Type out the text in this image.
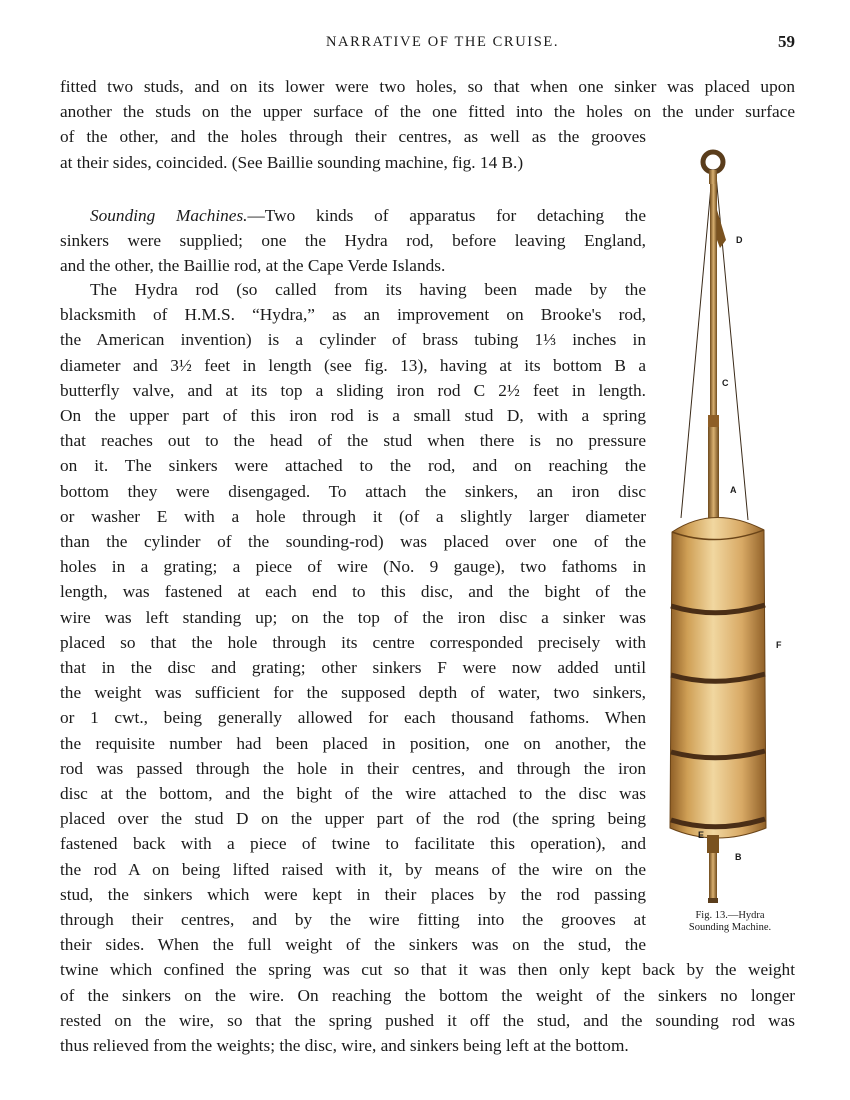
NARRATIVE OF THE CRUISE.	59
fitted two studs, and on its lower were two holes, so that when one sinker was placed upon
another the studs on the upper surface of the one fitted into the holes on the under surface
of the other, and the holes through their centres, as well as the grooves
at their sides, coincided. (See Baillie sounding machine, fig. 14 B.)
Sounding Machines.—Two kinds of apparatus for detaching the
sinkers were supplied; one the Hydra rod, before leaving England,
and the other, the Baillie rod, at the Cape Verde Islands.
The Hydra rod (so called from its having been made by the
blacksmith of H.M.S. “Hydra,” as an improvement on Brooke's rod,
the American invention) is a cylinder of brass tubing 1⅓ inches in
diameter and 3½ feet in length (see fig. 13), having at its bottom B a
butterfly valve, and at its top a sliding iron rod C 2½ feet in length.
On the upper part of this iron rod is a small stud D, with a spring
that reaches out to the head of the stud when there is no pressure
on it. The sinkers were attached to the rod, and on reaching the
bottom they were disengaged. To attach the sinkers, an iron disc
or washer E with a hole through it (of a slightly larger diameter
than the cylinder of the sounding-rod) was placed over one of the
holes in a grating; a piece of wire (No. 9 gauge), two fathoms in
length, was fastened at each end to this disc, and the bight of the
wire was left standing up; on the top of the iron disc a sinker was
placed so that the hole through its centre corresponded precisely with
that in the disc and grating; other sinkers F were now added until
the weight was sufficient for the supposed depth of water, two sinkers,
or 1 cwt., being generally allowed for each thousand fathoms. When
the requisite number had been placed in position, one on another, the
rod was passed through the hole in their centres, and through the iron
disc at the bottom, and the bight of the wire attached to the disc was
placed over the stud D on the upper part of the rod (the spring being
fastened back with a piece of twine to facilitate this operation), and
the rod A on being lifted raised with it, by means of the wire on the
stud, the sinkers which were kept in their places by the rod passing
through their centres, and by the wire fitting into the grooves at
their sides. When the full weight of the sinkers was on the stud, the
twine which confined the spring was cut so that it was then only kept back by the weight
of the sinkers on the wire. On reaching the bottom the weight of the sinkers no longer
rested on the wire, so that the spring pushed it off the stud, and the sounding rod was
thus relieved from the weights; the disc, wire, and sinkers being left at the bottom.
D
C
A
F
E
B
Fig. 13.—Hydra
Sounding Machine.
